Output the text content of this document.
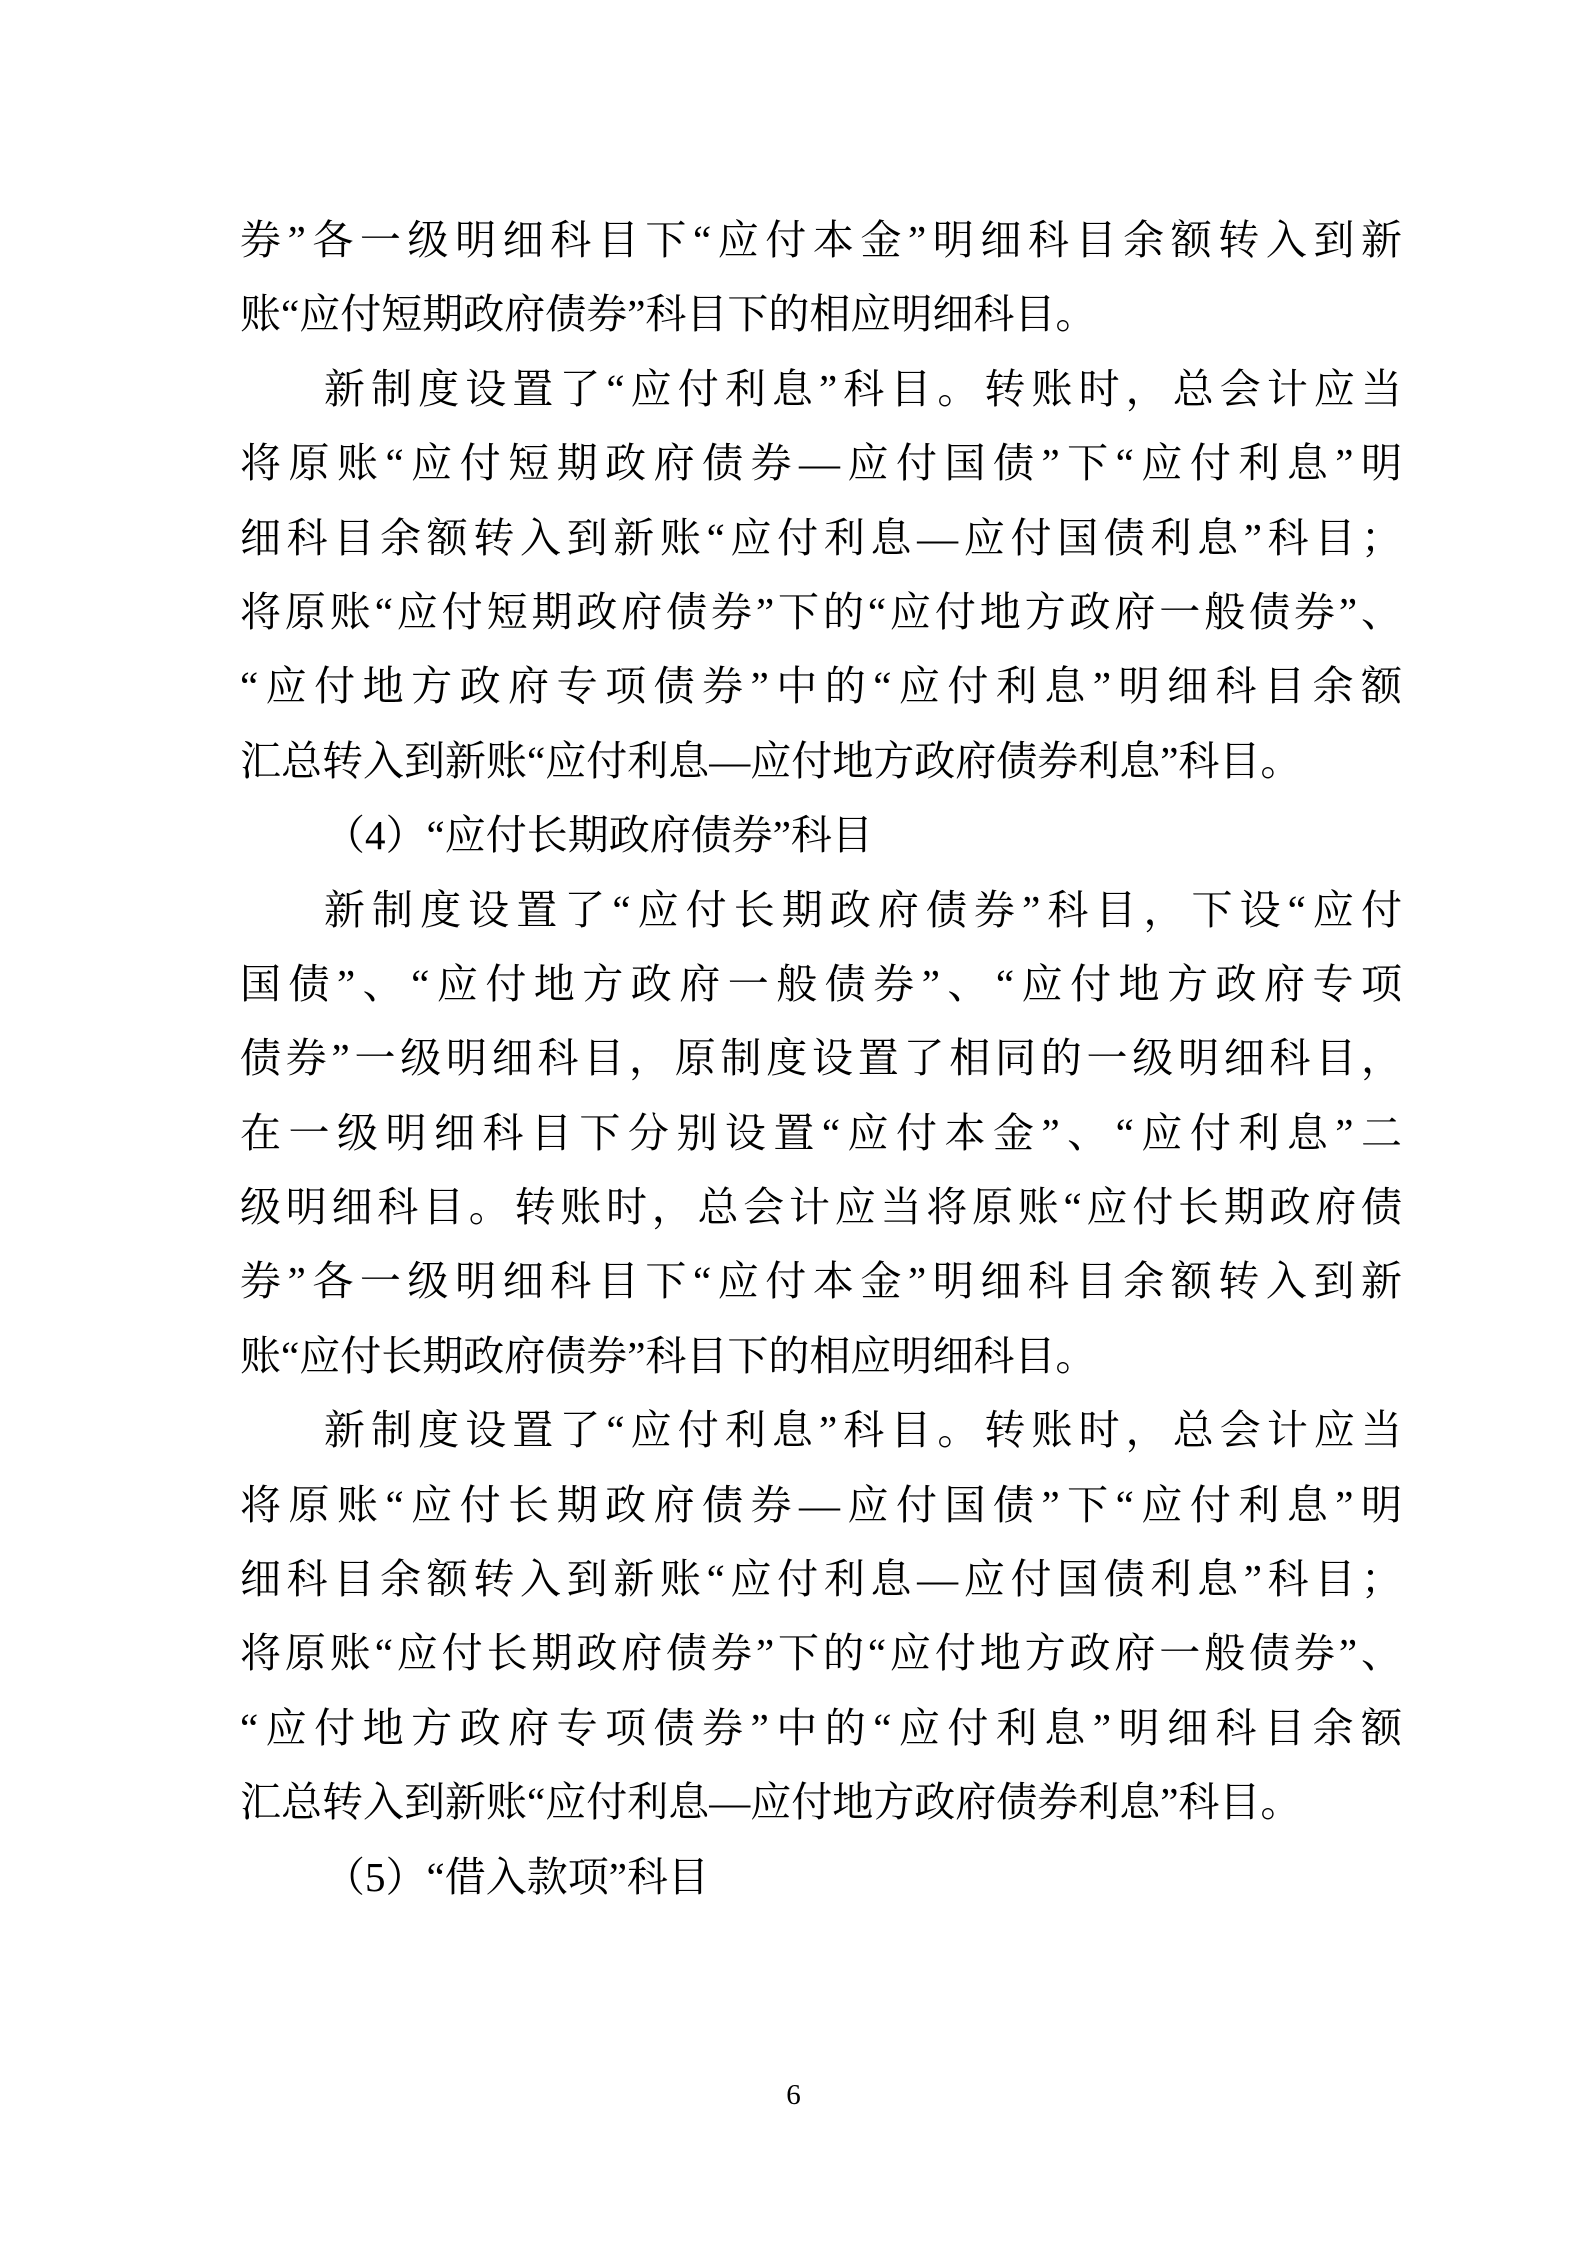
券”各一级明细科目下“应付本金”明细科目余额转入到新
账“应付短期政府债券”科目下的相应明细科目。
新制度设置了“应付利息”科目。转账时，总会计应当
将原账“应付短期政府债券—应付国债”下“应付利息”明
细科目余额转入到新账“应付利息—应付国债利息”科目；
将原账“应付短期政府债券”下的“应付地方政府一般债券”、
“应付地方政府专项债券”中的“应付利息”明细科目余额
汇总转入到新账“应付利息—应付地方政府债券利息”科目。
（4）“应付长期政府债券”科目
新制度设置了“应付长期政府债券”科目，下设“应付
国债”、“应付地方政府一般债券”、“应付地方政府专项
债券”一级明细科目，原制度设置了相同的一级明细科目，
在一级明细科目下分别设置“应付本金”、“应付利息”二
级明细科目。转账时，总会计应当将原账“应付长期政府债
券”各一级明细科目下“应付本金”明细科目余额转入到新
账“应付长期政府债券”科目下的相应明细科目。
新制度设置了“应付利息”科目。转账时，总会计应当
将原账“应付长期政府债券—应付国债”下“应付利息”明
细科目余额转入到新账“应付利息—应付国债利息”科目；
将原账“应付长期政府债券”下的“应付地方政府一般债券”、
“应付地方政府专项债券”中的“应付利息”明细科目余额
汇总转入到新账“应付利息—应付地方政府债券利息”科目。
（5）“借入款项”科目
6
